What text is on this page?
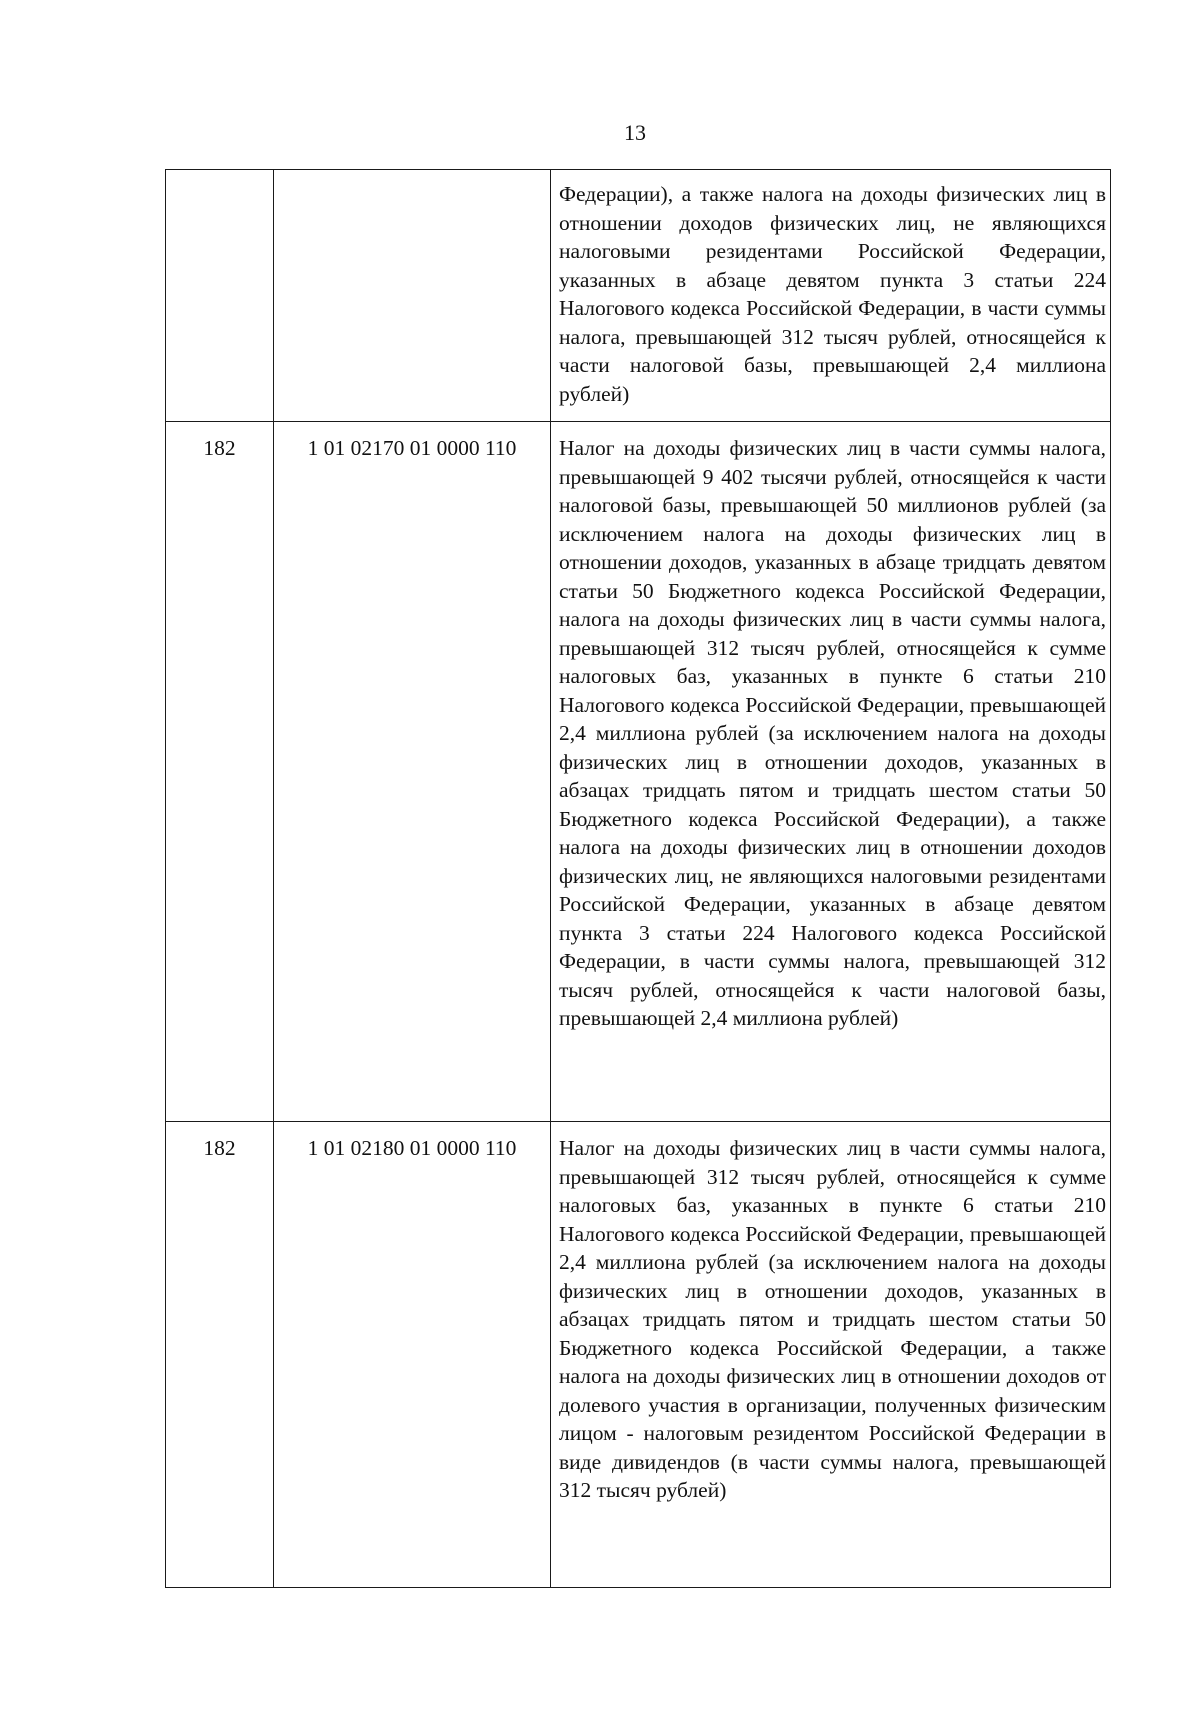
13
		Федерации), а также налога на доходы физических лиц в отношении доходов физических лиц, не являющихся налоговыми резидентами Российской Федерации, указанных в абзаце девятом пункта 3 статьи 224 Налогового кодекса Российской Федерации, в части суммы налога, превышающей 312 тысяч рублей, относящейся к части налоговой базы, превышающей 2,4 миллиона рублей)
182	1 01 02170 01 0000 110	Налог на доходы физических лиц в части суммы налога, превышающей 9 402 тысячи рублей, относящейся к части налоговой базы, превышающей 50 миллионов рублей (за исключением налога на доходы физических лиц в отношении доходов, указанных в абзаце тридцать девятом статьи 50 Бюджетного кодекса Российской Федерации, налога на доходы физических лиц в части суммы налога, превышающей 312 тысяч рублей, относящейся к сумме налоговых баз, указанных в пункте 6 статьи 210 Налогового кодекса Российской Федерации, превышающей 2,4 миллиона рублей (за исключением налога на доходы физических лиц в отношении доходов, указанных в абзацах тридцать пятом и тридцать шестом статьи 50 Бюджетного кодекса Российской Федерации), а также налога на доходы физических лиц в отношении доходов физических лиц, не являющихся налоговыми резидентами Российской Федерации, указанных в абзаце девятом пункта 3 статьи 224 Налогового кодекса Российской Федерации, в части суммы налога, превышающей 312 тысяч рублей, относящейся к части налоговой базы, превышающей 2,4 миллиона рублей)
182	1 01 02180 01 0000 110	Налог на доходы физических лиц в части суммы налога, превышающей 312 тысяч рублей, относящейся к сумме налоговых баз, указанных в пункте 6 статьи 210 Налогового кодекса Российской Федерации, превышающей 2,4 миллиона рублей (за исключением налога на доходы физических лиц в отношении доходов, указанных в абзацах тридцать пятом и тридцать шестом статьи 50 Бюджетного кодекса Российской Федерации, а также налога на доходы физических лиц в отношении доходов от долевого участия в организации, полученных физическим лицом - налоговым резидентом Российской Федерации в виде дивидендов (в части суммы налога, превышающей 312 тысяч рублей)
